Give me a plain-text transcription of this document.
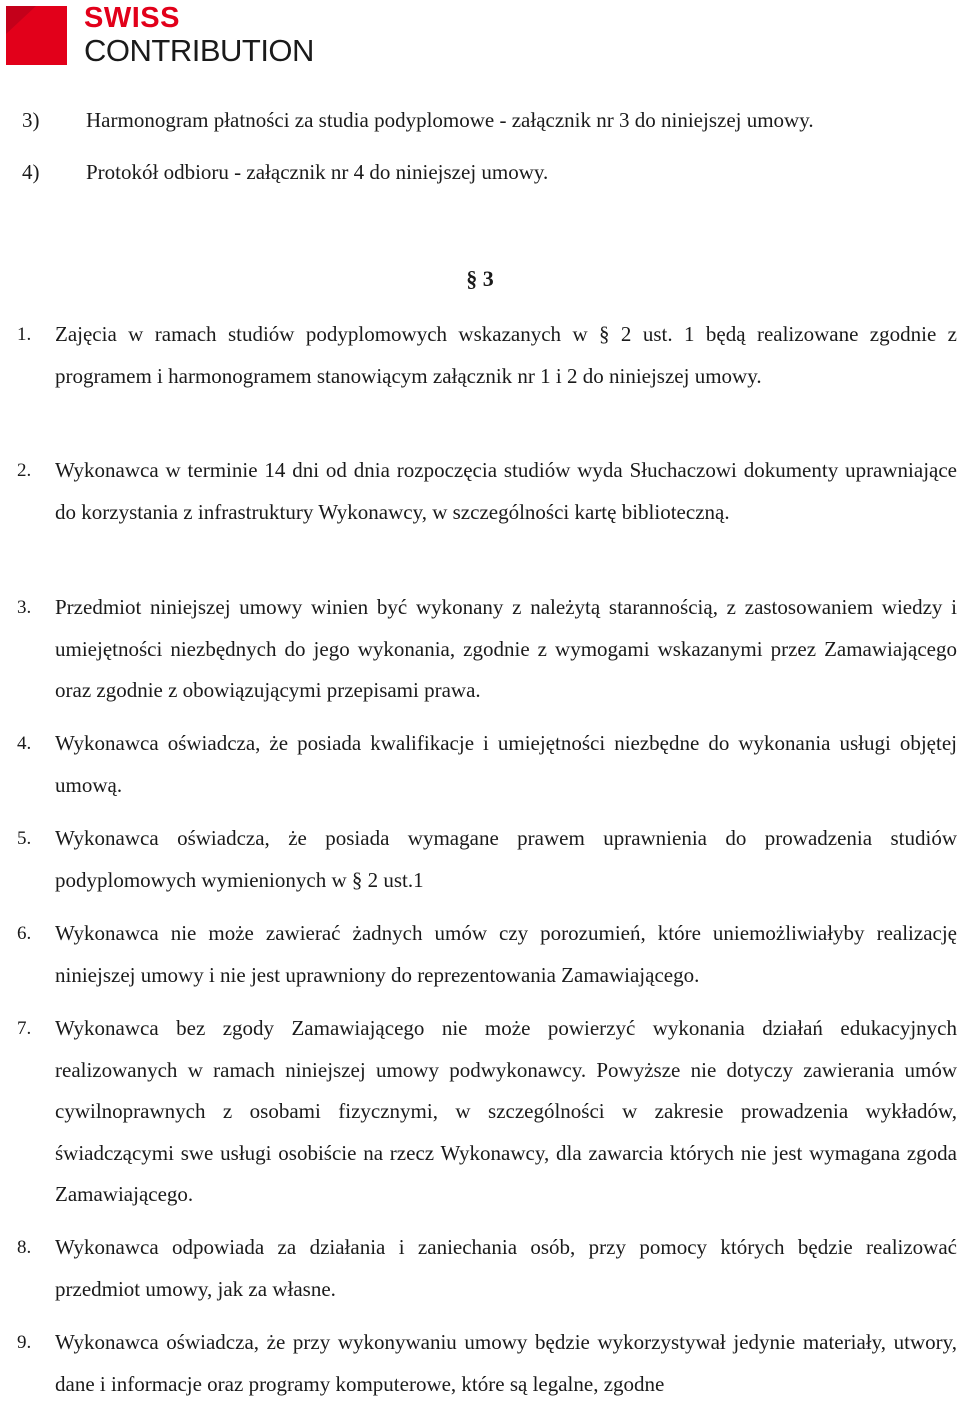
SWISS
CONTRIBUTION
3) Harmonogram płatności za studia podyplomowe - załącznik nr 3 do niniejszej umowy.
4) Protokół odbioru - załącznik nr 4 do niniejszej umowy.
§ 3
1. Zajęcia w ramach studiów podyplomowych wskazanych w § 2 ust. 1 będą realizowane zgodnie z programem i harmonogramem stanowiącym załącznik nr 1 i 2 do niniejszej umowy.
2. Wykonawca w terminie 14 dni od dnia rozpoczęcia studiów wyda Słuchaczowi dokumenty uprawniające do korzystania z infrastruktury Wykonawcy, w szczególności kartę biblioteczną.
3. Przedmiot niniejszej umowy winien być wykonany z należytą starannością, z zastosowaniem wiedzy i umiejętności niezbędnych do jego wykonania, zgodnie z wymogami wskazanymi przez Zamawiającego oraz zgodnie z obowiązującymi przepisami prawa.
4. Wykonawca oświadcza, że posiada kwalifikacje i umiejętności niezbędne do wykonania usługi objętej umową.
5. Wykonawca oświadcza, że posiada wymagane prawem uprawnienia do prowadzenia studiów podyplomowych wymienionych w § 2 ust.1
6. Wykonawca nie może zawierać żadnych umów czy porozumień, które uniemożliwiałyby realizację niniejszej umowy i nie jest uprawniony do reprezentowania Zamawiającego.
7. Wykonawca bez zgody Zamawiającego nie może powierzyć wykonania działań edukacyjnych realizowanych w ramach niniejszej umowy podwykonawcy. Powyższe nie dotyczy zawierania umów cywilnoprawnych z osobami fizycznymi, w szczególności w zakresie prowadzenia wykładów, świadczącymi swe usługi osobiście na rzecz Wykonawcy, dla zawarcia których nie jest wymagana zgoda Zamawiającego.
8. Wykonawca odpowiada za działania i zaniechania osób, przy pomocy których będzie realizować przedmiot umowy, jak za własne.
9. Wykonawca oświadcza, że przy wykonywaniu umowy będzie wykorzystywał jedynie materiały, utwory, dane i informacje oraz programy komputerowe, które są legalne, zgodne
